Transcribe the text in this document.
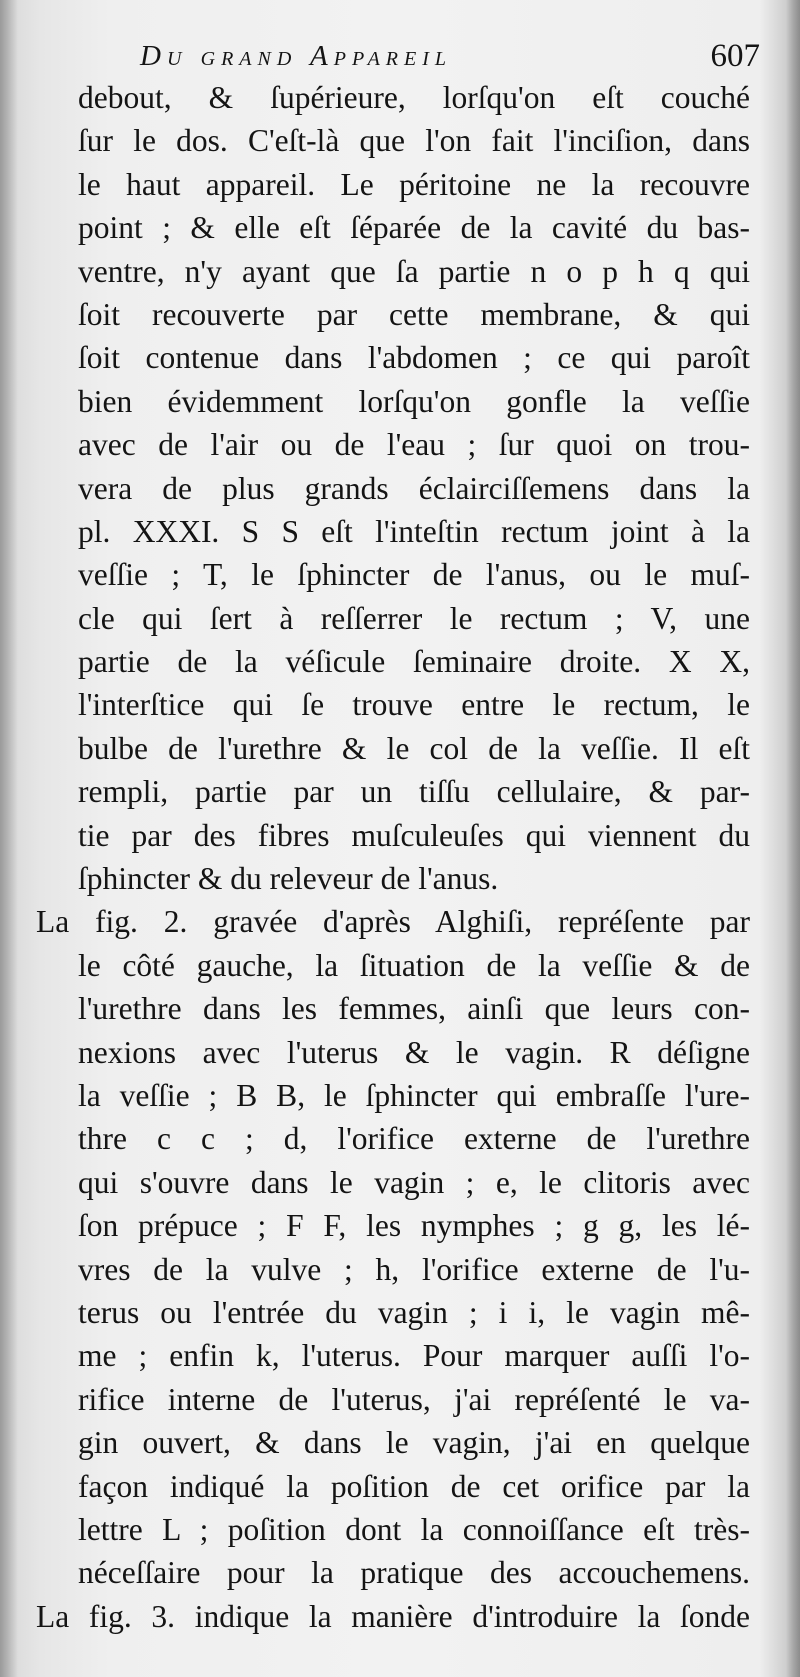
Du grand Appareil	607
debout, & ſupérieure, lorſqu'on eſt couché
ſur le dos. C'eſt-là que l'on fait l'inciſion, dans
le haut appareil. Le péritoine ne la recouvre
point ; & elle eſt ſéparée de la cavité du bas-
ventre, n'y ayant que ſa partie n o p h q qui
ſoit recouverte par cette membrane, & qui
ſoit contenue dans l'abdomen ; ce qui paroît
bien évidemment lorſqu'on gonfle la veſſie
avec de l'air ou de l'eau ; ſur quoi on trou-
vera de plus grands éclairciſſemens dans la
pl. XXXI. S S eſt l'inteſtin rectum joint à la
veſſie ; T, le ſphincter de l'anus, ou le muſ-
cle qui ſert à reſſerrer le rectum ; V, une
partie de la véſicule ſeminaire droite. X X,
l'interſtice qui ſe trouve entre le rectum, le
bulbe de l'urethre & le col de la veſſie. Il eſt
rempli, partie par un tiſſu cellulaire, & par-
tie par des fibres muſculeuſes qui viennent du
ſphincter & du releveur de l'anus.
La fig. 2. gravée d'après Alghiſi, repréſente par
le côté gauche, la ſituation de la veſſie & de
l'urethre dans les femmes, ainſi que leurs con-
nexions avec l'uterus & le vagin. R déſigne
la veſſie ; B B, le ſphincter qui embraſſe l'ure-
thre c c ; d, l'orifice externe de l'urethre
qui s'ouvre dans le vagin ; e, le clitoris avec
ſon prépuce ; F F, les nymphes ; g g, les lé-
vres de la vulve ; h, l'orifice externe de l'u-
terus ou l'entrée du vagin ; i i, le vagin mê-
me ; enfin k, l'uterus. Pour marquer auſſi l'o-
rifice interne de l'uterus, j'ai repréſenté le va-
gin ouvert, & dans le vagin, j'ai en quelque
façon indiqué la poſition de cet orifice par la
lettre L ; poſition dont la connoiſſance eſt très-
néceſſaire pour la pratique des accouchemens.
La fig. 3. indique la manière d'introduire la ſonde
